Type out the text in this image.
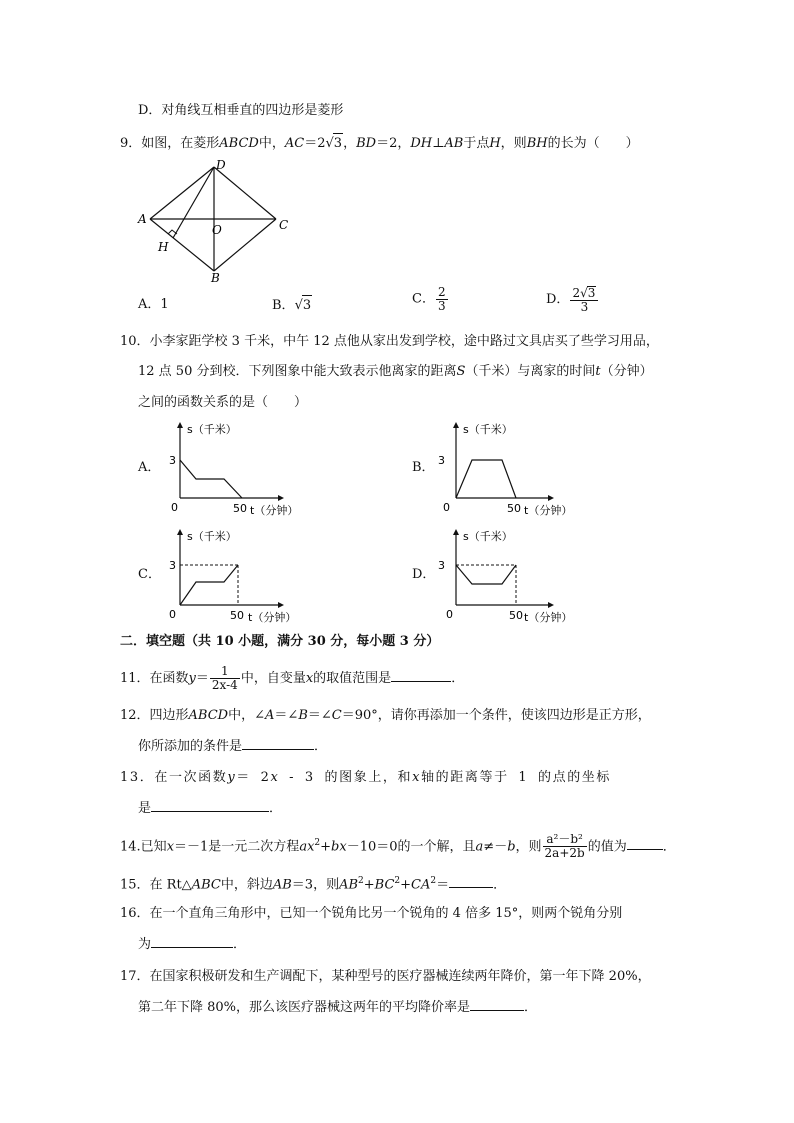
D．对角线互相垂直的四边形是菱形
9．如图，在菱形ABCD中，AC＝2√3，BD＝2，DH⊥AB于点H，则BH的长为（　　）
A
D
C
B
O
H
A．1	B．√3	C． $\frac{2}{3}$	D． $\frac{2√3}{3}$
10．小李家距学校 3 千米，中午 12 点他从家出发到学校，途中路过文具店买了些学习用品，
12 点 50 分到校．下列图象中能大致表示他离家的距离S（千米）与离家的时间t（分钟）
之间的函数关系的是（　　）
A．	B．
C．	D．
s（千米）
3
0	50 t（分钟）
s（千米）
3
0	50 t（分钟）
s（千米）
3
0	50 t（分钟）
s（千米）
3
0	50 t（分钟）
二．填空题（共 10 小题，满分 30 分，每小题 3 分）
11．在函数$y= \frac{1}{2x-4}$ 中，自变量x的取值范围是	．
12．四边形ABCD中，∠A＝∠B＝∠C＝90°，请你再添加一个条件，使该四边形是正方形，
你所添加的条件是	．
13．在一次函数y＝ 2x - 3 的图象上，和x轴的距离等于 1 的点的坐标
是	．
14.已知x＝－1是一元二次方程$ax^2+bx-10=0$的一个解，且a≠－b，则 $\frac{\text{a²－b²}}{2a+2b}$ 的值为	．
15．在 Rt△ABC中，斜边AB＝3，则$AB^2+BC^2+CA^2=$	．
16．在一个直角三角形中，已知一个锐角比另一个锐角的 4 倍多 15°，则两个锐角分别
为	．
17．在国家积极研发和生产调配下，某种型号的医疗器械连续两年降价，第一年下降 20%，
第二年下降 80%，那么该医疗器械这两年的平均降价率是	．
